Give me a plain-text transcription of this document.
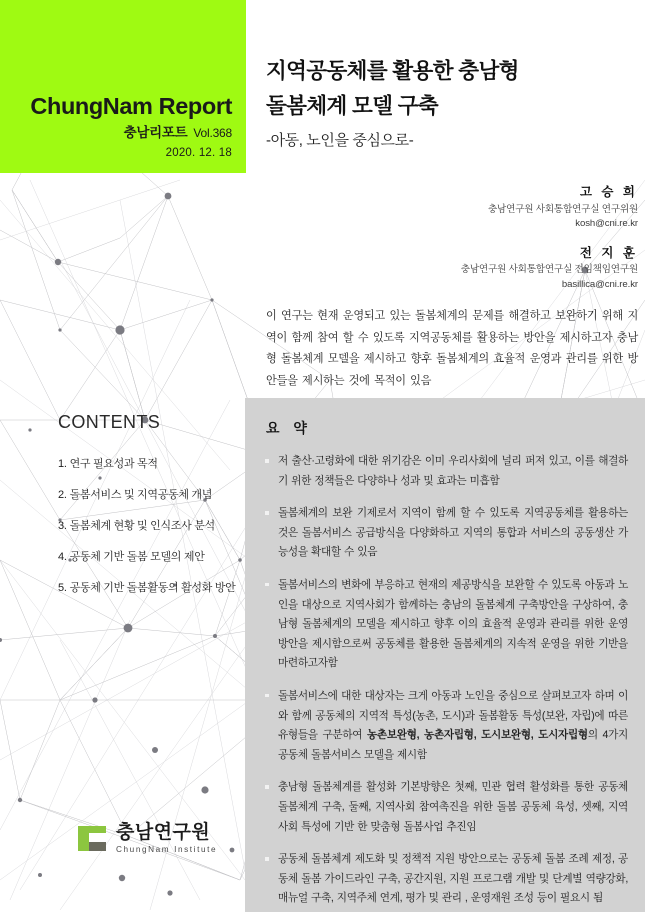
요 약
저 출산·고령화에 대한 위기감은 이미 우리사회에 널리 퍼져 있고, 이를 해결하기 위한 정책들은 다양하나 성과 및 효과는 미흡함
돌봄체계의 보완 기제로서 지역이 함께 할 수 있도록 지역공동체를 활용하는 것은 돌봄서비스 공급방식을 다양화하고 지역의 통합과 서비스의 공동생산 가능성을 확대할 수 있음
돌봄서비스의 변화에 부응하고 현재의 제공방식을 보완할 수 있도록 아동과 노인을 대상으로 지역사회가 함께하는 충남의 돌봄체계 구축방안을 구상하여, 충남형 돌봄체계의 모델을 제시하고 향후 이의 효율적 운영과 관리를 위한 운영방안을 제시함으로써 공동체를 활용한 돌봄체계의 지속적 운영을 위한 기반을 마련하고자함
돌봄서비스에 대한 대상자는 크게 아동과 노인을 중심으로 살펴보고자 하며 이와 함께 공동체의 지역적 특성(농촌, 도시)과 돌봄활동 특성(보완, 자립)에 따른 유형들을 구분하여 농촌보완형, 농촌자립형, 도시보완형, 도시자립형의 4가지 공동체 돌봄서비스 모델을 제시함
충남형 돌봄체계를 활성화 기본방향은 첫째, 민관 협력 활성화를 통한 공동체 돌봄체계 구축, 둘째, 지역사회 참여촉진을 위한 돌봄 공동체 육성, 셋째, 지역사회 특성에 기반 한 맞춤형 돌봄사업 추진임
공동체 돌봄체계 제도화 및 정책적 지원 방안으로는 공동체 돌봄 조례 제정, 공동체 돌봄 가이드라인 구축, 공간지원, 지원 프로그램 개발 및 단계별 역량강화, 매뉴얼 구축, 지역주체 연계, 평가 및 관리 , 운영재원 조성 등이 필요시 됨
ChungNam Report
충남리포트 Vol.368
2020. 12. 18
지역공동체를 활용한 충남형
돌봄체계 모델 구축
-아동, 노인을 중심으로-
고 승 희
충남연구원 사회통합연구실 연구위원
kosh@cni.re.kr
전 지 훈
충남연구원 사회통합연구실 전임책임연구원
basillica@cni.re.kr

이 연구는 현재 운영되고 있는 돌봄체계의 문제를 해결하고 보완하기 위해 지역이 함께 참여 할 수 있도록 지역공동체를 활용하는 방안을 제시하고자 충남형 돌봄체계 모델을 제시하고 향후 돌봄체계의 효율적 운영과 관리를 위한 방안들을 제시하는 것에 목적이 있음

CONTENTS
1. 연구 필요성과 목적
2. 돌봄서비스 및 지역공동체 개념
3. 돌봄체계 현황 및 인식조사 분석
4. 공동체 기반 돌봄 모델의 제안
5. 공동체 기반 돌봄활동의 활성화 방안
충남연구원
ChungNam Institute
